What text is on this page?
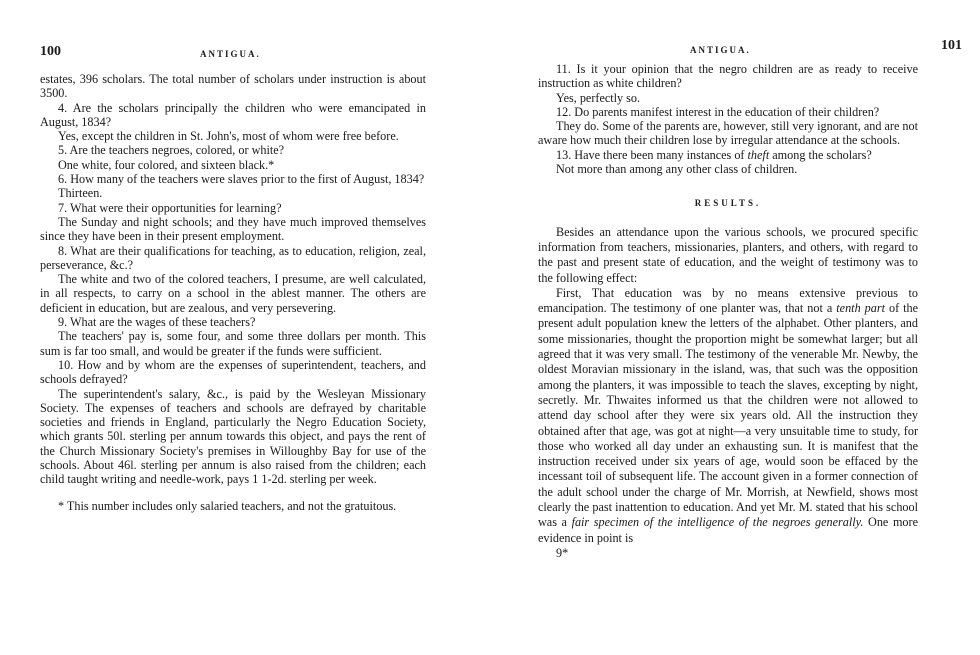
100	ANTIGUA.

estates, 396 scholars. The total number of scholars under instruction is about 3500.

4. Are the scholars principally the children who were emancipated in August, 1834?

Yes, except the children in St. John's, most of whom were free before.

5. Are the teachers negroes, colored, or white?

One white, four colored, and sixteen black.*

6. How many of the teachers were slaves prior to the first of August, 1834?

Thirteen.

7. What were their opportunities for learning?

The Sunday and night schools; and they have much improved themselves since they have been in their present employment.

8. What are their qualifications for teaching, as to education, religion, zeal, perseverance, &c.?

The white and two of the colored teachers, I presume, are well calculated, in all respects, to carry on a school in the ablest manner. The others are deficient in education, but are zealous, and very persevering.

9. What are the wages of these teachers?

The teachers' pay is, some four, and some three dollars per month. This sum is far too small, and would be greater if the funds were sufficient.

10. How and by whom are the expenses of superintendent, teachers, and schools defrayed?

The superintendent's salary, &c., is paid by the Wesleyan Missionary Society. The expenses of teachers and schools are defrayed by charitable societies and friends in England, particularly the Negro Education Society, which grants 50l. sterling per annum towards this object, and pays the rent of the Church Missionary Society's premises in Willoughby Bay for use of the schools. About 46l. sterling per annum is also raised from the children; each child taught writing and needle-work, pays 1 1-2d. sterling per week.

* This number includes only salaried teachers, and not the gratuitous.

ANTIGUA.	101

11. Is it your opinion that the negro children are as ready to receive instruction as white children?

Yes, perfectly so.

12. Do parents manifest interest in the education of their children?

They do. Some of the parents are, however, still very ignorant, and are not aware how much their children lose by irregular attendance at the schools.

13. Have there been many instances of theft among the scholars?

Not more than among any other class of children.

RESULTS.

Besides an attendance upon the various schools, we procured specific information from teachers, missionaries, planters, and others, with regard to the past and present state of education, and the weight of testimony was to the following effect:

First, That education was by no means extensive previous to emancipation. The testimony of one planter was, that not a tenth part of the present adult population knew the letters of the alphabet. Other planters, and some missionaries, thought the proportion might be somewhat larger; but all agreed that it was very small. The testimony of the venerable Mr. Newby, the oldest Moravian missionary in the island, was, that such was the opposition among the planters, it was impossible to teach the slaves, excepting by night, secretly. Mr. Thwaites informed us that the children were not allowed to attend day school after they were six years old. All the instruction they obtained after that age, was got at night—a very unsuitable time to study, for those who worked all day under an exhausting sun. It is manifest that the instruction received under six years of age, would soon be effaced by the incessant toil of subsequent life. The account given in a former connection of the adult school under the charge of Mr. Morrish, at Newfield, shows most clearly the past inattention to education. And yet Mr. M. stated that his school was a fair specimen of the intelligence of the negroes generally. One more evidence in point is

9*
